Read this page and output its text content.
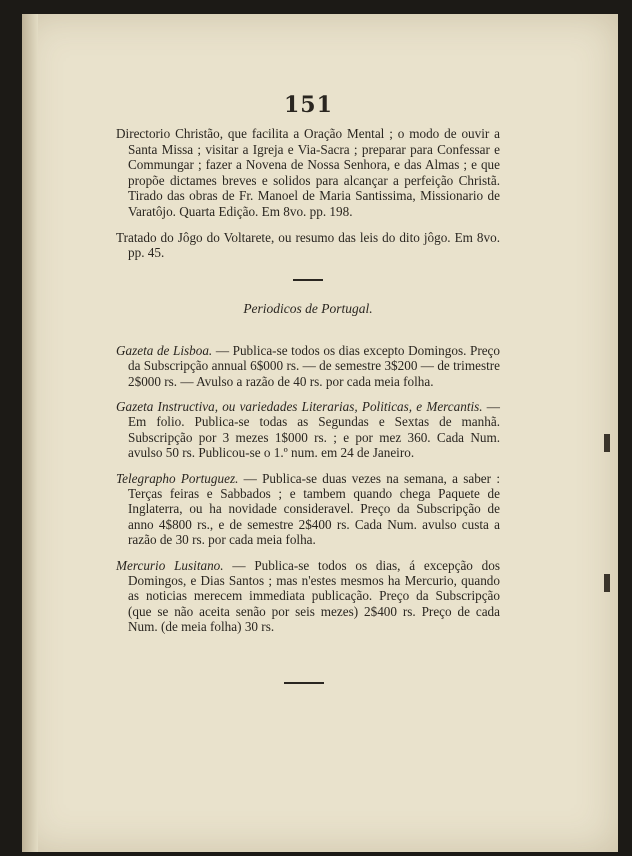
151

Directorio Christão, que facilita a Oração Mental ; o modo de ouvir a Santa Missa ; visitar a Igreja e Via-Sacra ; preparar para Confessar e Commungar ; fazer a Novena de Nossa Senhora, e das Almas ; e que propõe dictames breves e solidos para alcançar a perfeição Christã. Tirado das obras de Fr. Manoel de Maria Santissima, Missionario de Varatôjo. Quarta Edição. Em 8vo. pp. 198.

Tratado do Jôgo do Voltarete, ou resumo das leis do dito jôgo. Em 8vo. pp. 45.

Periodicos de Portugal.

Gazeta de Lisboa. — Publica-se todos os dias excepto Domingos. Preço da Subscripção annual 6$000 rs. — de semestre 3$200 — de trimestre 2$000 rs. — Avulso a razão de 40 rs. por cada meia folha.

Gazeta Instructiva, ou variedades Literarias, Politicas, e Mercantis. — Em folio. Publica-se todas as Segundas e Sextas de manhã. Subscripção por 3 mezes 1$000 rs. ; e por mez 360. Cada Num. avulso 50 rs. Publicou-se o 1.º num. em 24 de Janeiro.

Telegrapho Portuguez. — Publica-se duas vezes na semana, a saber : Terças feiras e Sabbados ; e tambem quando chega Paquete de Inglaterra, ou ha novidade consideravel. Preço da Subscripção de anno 4$800 rs., e de semestre 2$400 rs. Cada Num. avulso custa a razão de 30 rs. por cada meia folha.

Mercurio Lusitano. — Publica-se todos os dias, á excepção dos Domingos, e Dias Santos ; mas n'estes mesmos ha Mercurio, quando as noticias merecem immediata publicação. Preço da Subscripção (que se não aceita senão por seis mezes) 2$400 rs. Preço de cada Num. (de meia folha) 30 rs.
